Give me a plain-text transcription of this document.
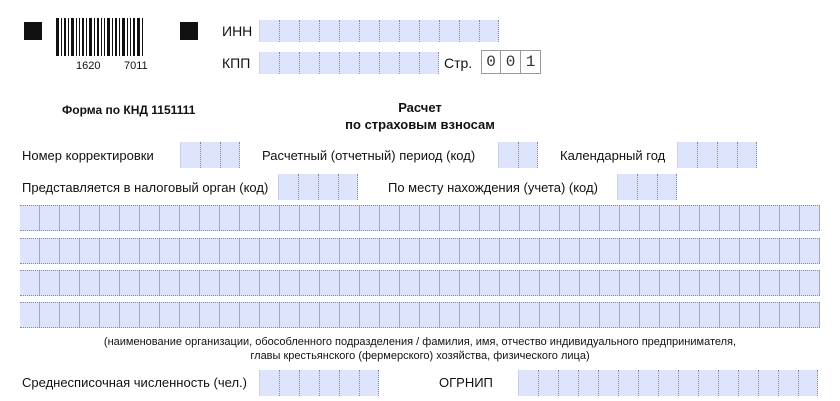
1620 7011
ИНН
КПП	Стр. 0 0 1
Форма по КНД 1151111	Расчет
по страховым взносам
Номер корректировки	Расчетный (отчетный) период (код)	Календарный год
Представляется в налоговый орган (код)	По месту нахождения (учета) (код)
(наименование организации, обособленного подразделения / фамилия, имя, отчество индивидуального предпринимателя,
главы крестьянского (фермерского) хозяйства, физического лица)
Среднесписочная численность (чел.)	ОГРНИП
